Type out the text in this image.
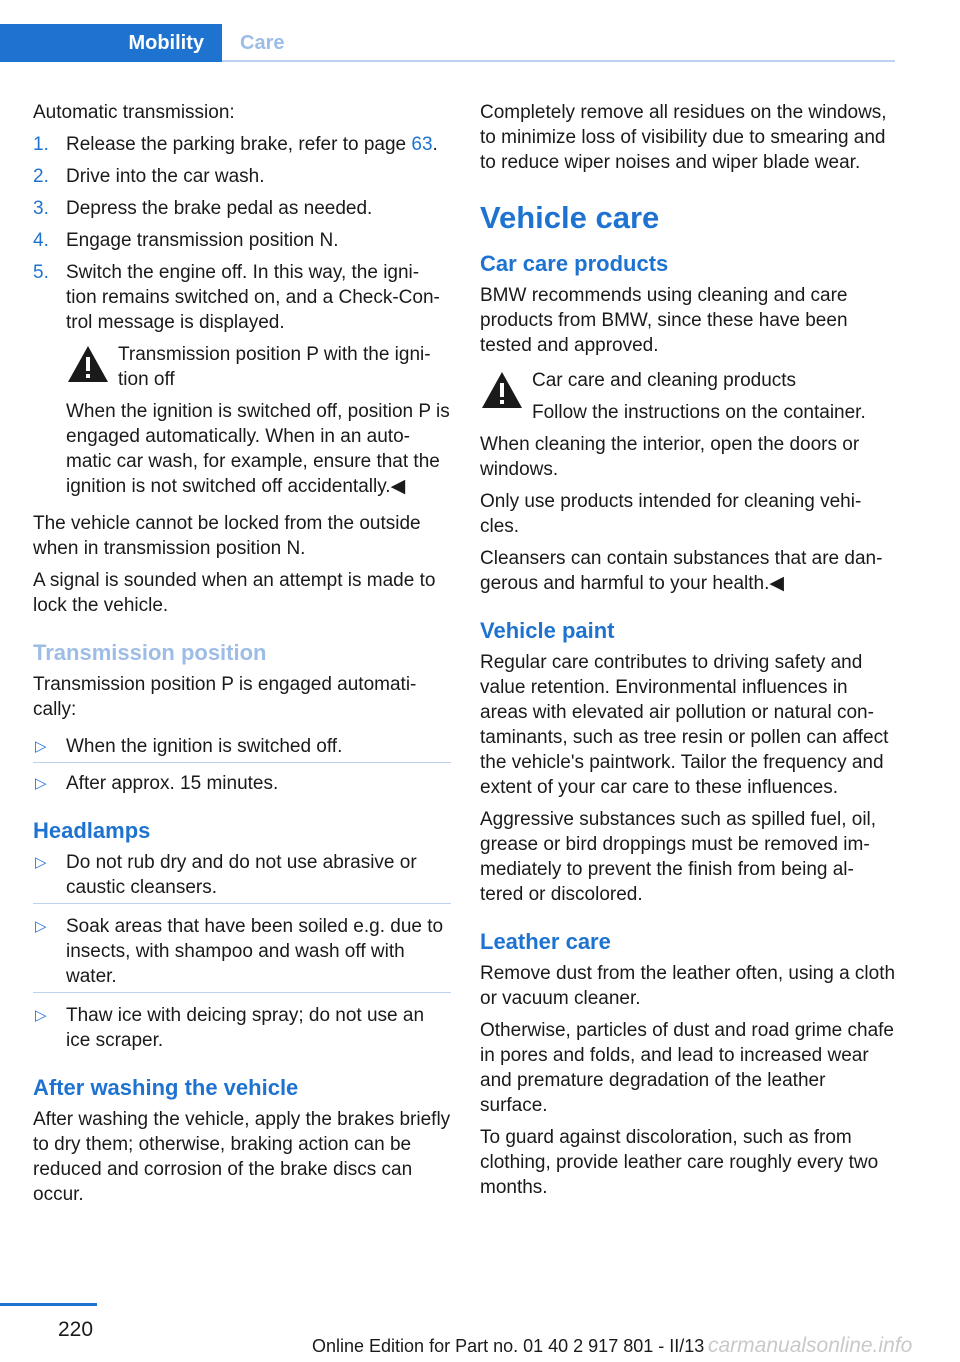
Mobility Care

Automatic transmission:

1. Release the parking brake, refer to page 63.
2. Drive into the car wash.
3. Depress the brake pedal as needed.
4. Engage transmission position N.
5. Switch the engine off. In this way, the igni‐ tion remains switched on, and a Check-Con‐ trol message is displayed.

Transmission position P with the igni‐ tion off

When the ignition is switched off, position P is engaged automatically. When in an auto‐ matic car wash, for example, ensure that the ignition is not switched off accidentally.◀

The vehicle cannot be locked from the outside when in transmission position N.

A signal is sounded when an attempt is made to lock the vehicle.

Transmission position

Transmission position P is engaged automati‐ cally:

▷ When the ignition is switched off.
▷ After approx. 15 minutes.
Headlamps
▷ Do not rub dry and do not use abrasive or caustic cleansers.
▷ Soak areas that have been soiled e.g. due to insects, with shampoo and wash off with water.
▷ Thaw ice with deicing spray; do not use an ice scraper.
After washing the vehicle

After washing the vehicle, apply the brakes briefly to dry them; otherwise, braking action can be reduced and corrosion of the brake discs can occur.

Completely remove all residues on the windows, to minimize loss of visibility due to smearing and to reduce wiper noises and wiper blade wear.

Vehicle care
Car care products

BMW recommends using cleaning and care products from BMW, since these have been tested and approved.

Car care and cleaning products

Follow the instructions on the container.

When cleaning the interior, open the doors or windows.

Only use products intended for cleaning vehi‐ cles.

Cleansers can contain substances that are dan‐ gerous and harmful to your health.◀

Vehicle paint

Regular care contributes to driving safety and value retention. Environmental influences in areas with elevated air pollution or natural con‐ taminants, such as tree resin or pollen can affect the vehicle's paintwork. Tailor the frequency and extent of your car care to these influences.

Aggressive substances such as spilled fuel, oil, grease or bird droppings must be removed im‐ mediately to prevent the finish from being al‐ tered or discolored.

Leather care

Remove dust from the leather often, using a cloth or vacuum cleaner.

Otherwise, particles of dust and road grime chafe in pores and folds, and lead to increased wear and premature degradation of the leather surface.

To guard against discoloration, such as from clothing, provide leather care roughly every two months.

220
Online Edition for Part no. 01 40 2 917 801 - II/13 carmanualsonline.info
